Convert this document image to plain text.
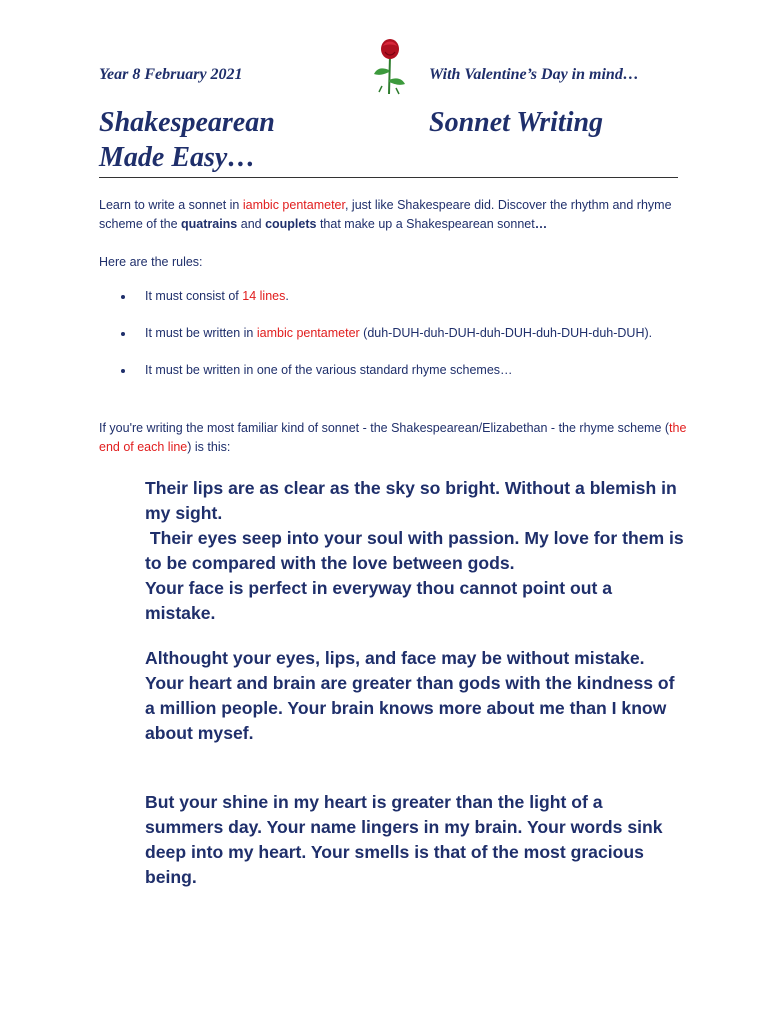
Year 8 February 2021	With Valentine’s Day in mind…
Shakespearean
Made Easy…
Sonnet Writing
Learn to write a sonnet in iambic pentameter, just like Shakespeare did. Discover the rhythm and rhyme scheme of the quatrains and couplets that make up a Shakespearean sonnet…
Here are the rules:
It must consist of 14 lines.
It must be written in iambic pentameter (duh-DUH-duh-DUH-duh-DUH-duh-DUH-duh-DUH).
It must be written in one of the various standard rhyme schemes…
If you're writing the most familiar kind of sonnet - the Shakespearean/Elizabethan - the rhyme scheme (the end of each line) is this:
Their lips are as clear as the sky so bright. Without a blemish in my sight.
Their eyes seep into your soul with passion. My love for them is to be compared with the love between gods.
Your face is perfect in everyway thou cannot point out a mistake.
Althought your eyes, lips, and face may be without mistake. Your heart and brain are greater than gods with the kindness of a million people. Your brain knows more about me than I know about mysef.
But your shine in my heart is greater than the light of a summers day. Your name lingers in my brain. Your words sink deep into my heart. Your smells is that of the most gracious being.
